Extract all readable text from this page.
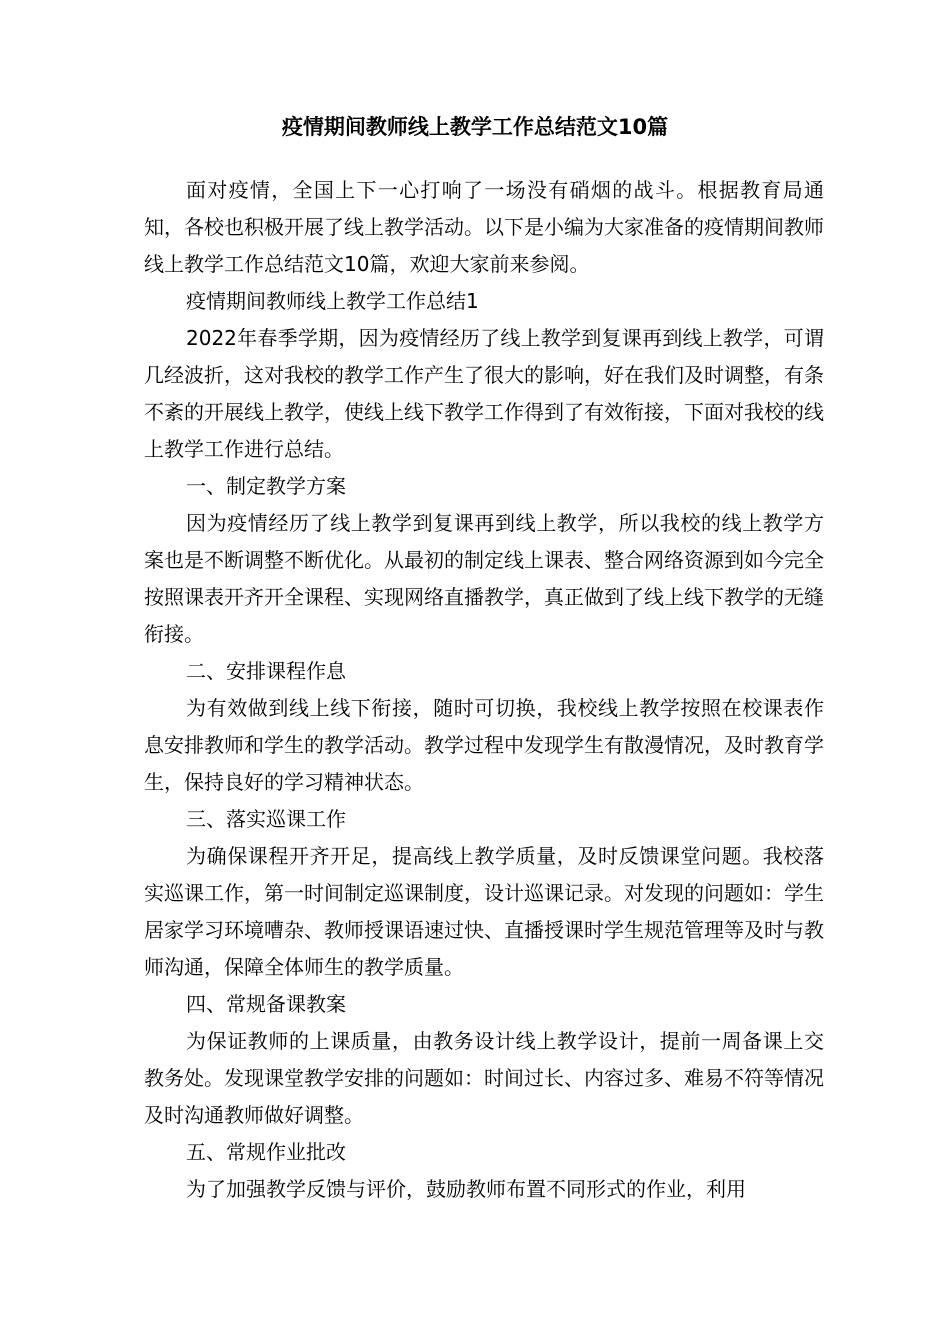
疫情期间教师线上教学工作总结范文10篇

面对疫情，全国上下一心打响了一场没有硝烟的战斗。根据教育局通知，各校也积极开展了线上教学活动。以下是小编为大家准备的疫情期间教师线上教学工作总结范文10篇，欢迎大家前来参阅。

疫情期间教师线上教学工作总结1

2022年春季学期，因为疫情经历了线上教学到复课再到线上教学，可谓几经波折，这对我校的教学工作产生了很大的影响，好在我们及时调整，有条不紊的开展线上教学，使线上线下教学工作得到了有效衔接，下面对我校的线上教学工作进行总结。

一、制定教学方案

因为疫情经历了线上教学到复课再到线上教学，所以我校的线上教学方案也是不断调整不断优化。从最初的制定线上课表、整合网络资源到如今完全按照课表开齐开全课程、实现网络直播教学，真正做到了线上线下教学的无缝衔接。

二、安排课程作息

为有效做到线上线下衔接，随时可切换，我校线上教学按照在校课表作息安排教师和学生的教学活动。教学过程中发现学生有散漫情况，及时教育学生，保持良好的学习精神状态。

三、落实巡课工作

为确保课程开齐开足，提高线上教学质量，及时反馈课堂问题。我校落实巡课工作，第一时间制定巡课制度，设计巡课记录。对发现的问题如：学生居家学习环境嘈杂、教师授课语速过快、直播授课时学生规范管理等及时与教师沟通，保障全体师生的教学质量。

四、常规备课教案

为保证教师的上课质量，由教务设计线上教学设计，提前一周备课上交教务处。发现课堂教学安排的问题如：时间过长、内容过多、难易不符等情况及时沟通教师做好调整。

五、常规作业批改

为了加强教学反馈与评价，鼓励教师布置不同形式的作业，利用
